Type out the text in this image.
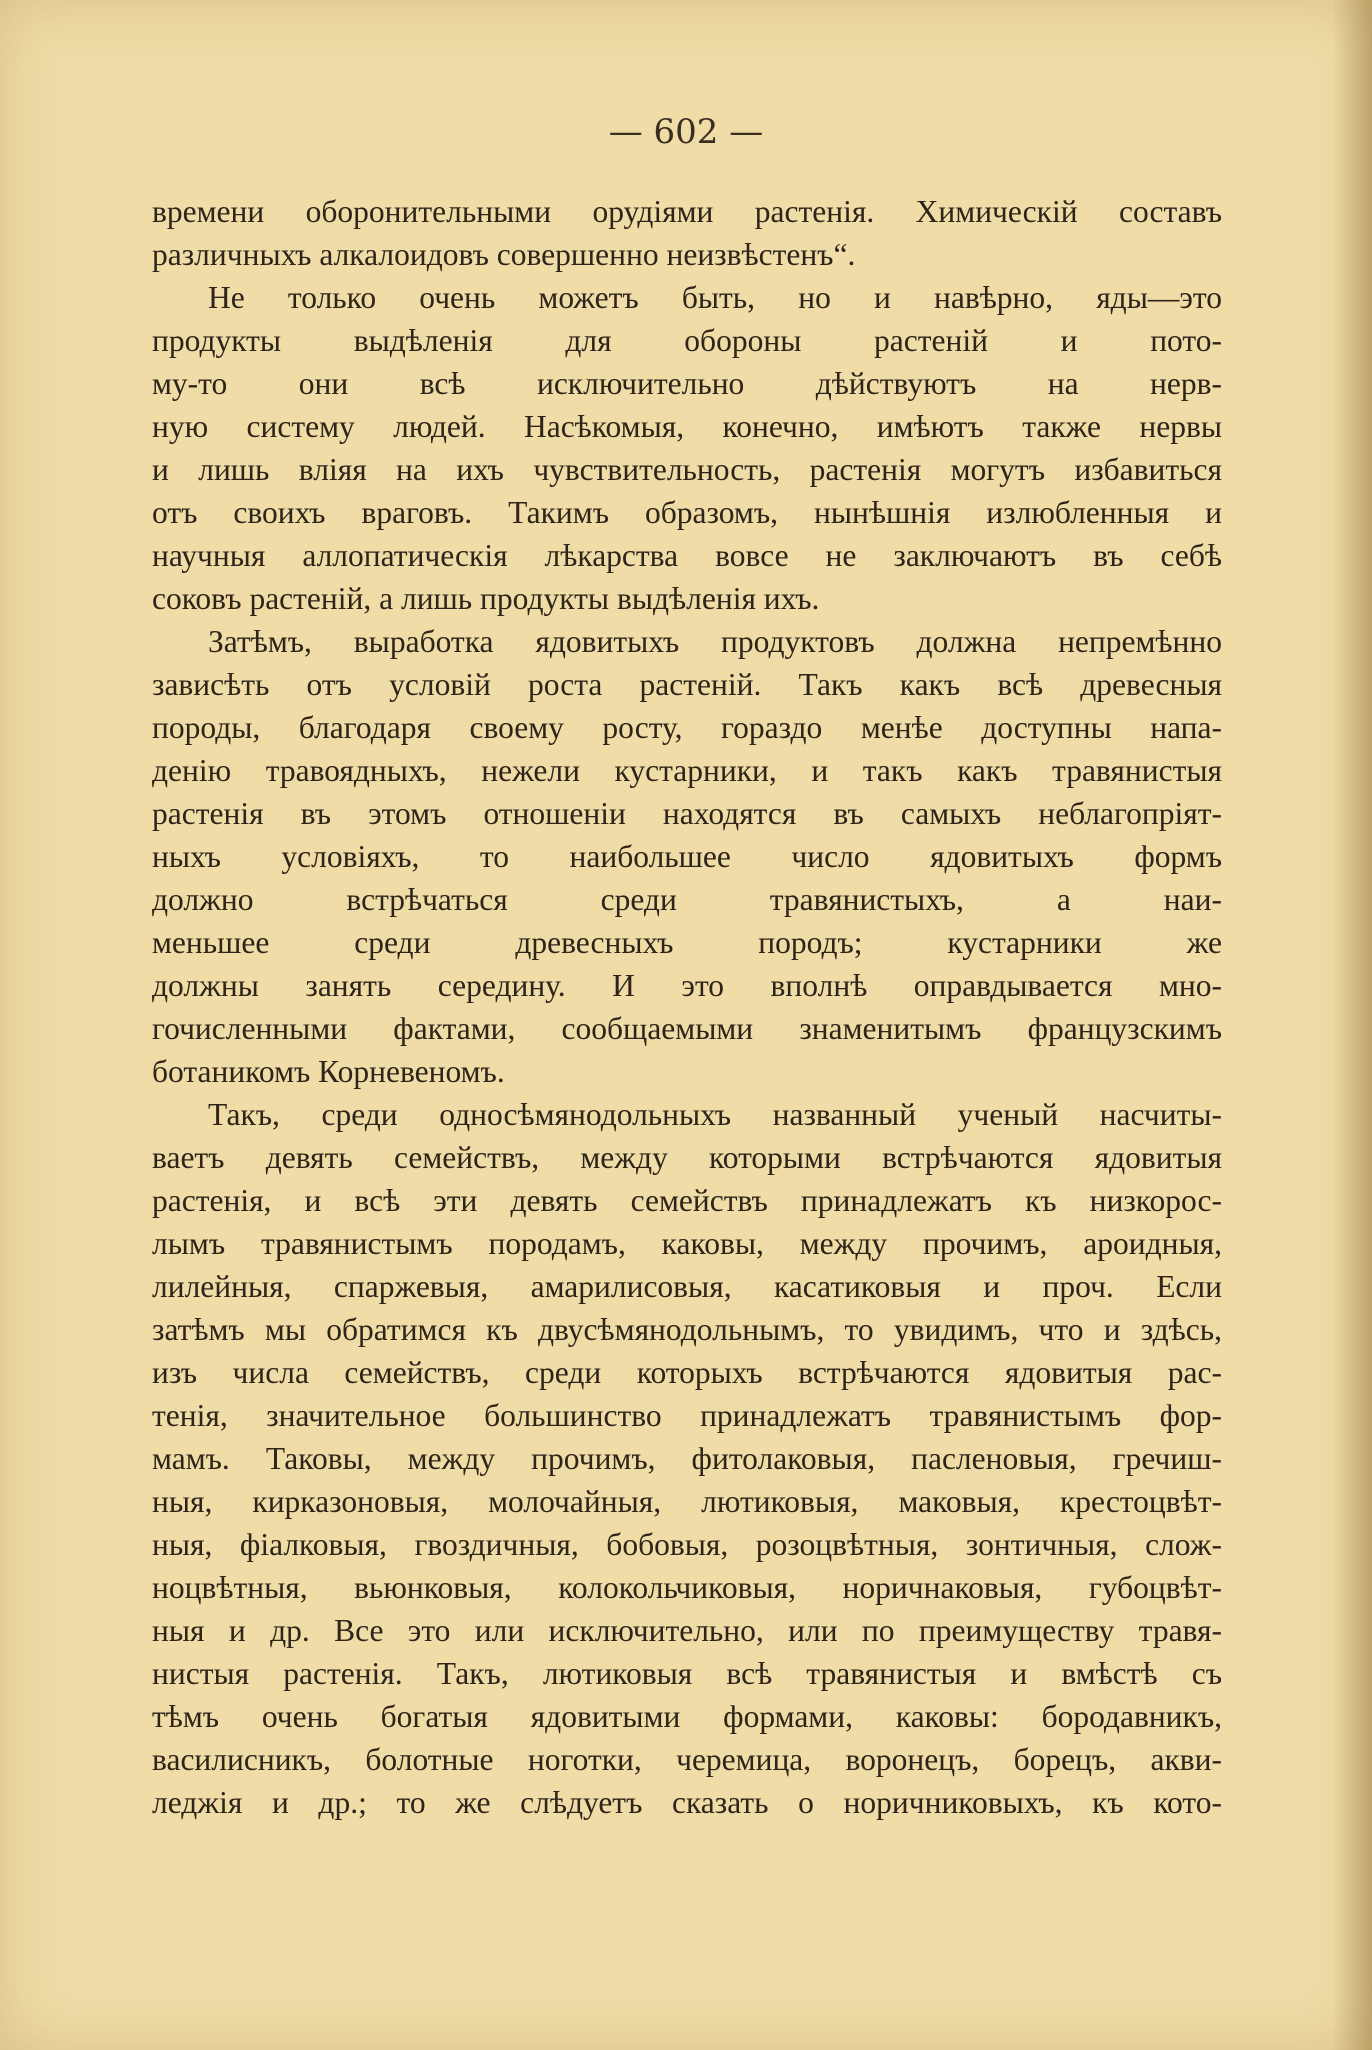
— 602 —
времени оборонительными орудіями растенія. Химическій составъ
различныхъ алкалоидовъ совершенно неизвѣстенъ“.
Не только очень можетъ быть, но и навѣрно, яды—это
продукты выдѣленія для обороны растеній и пото-
му-то они всѣ исключительно дѣйствуютъ на нерв-
ную систему людей. Насѣкомыя, конечно, имѣютъ также нервы
и лишь вліяя на ихъ чувствительность, растенія могутъ избавиться
отъ своихъ враговъ. Такимъ образомъ, нынѣшнія излюбленныя и
научныя аллопатическія лѣкарства вовсе не заключаютъ въ себѣ
соковъ растеній, а лишь продукты выдѣленія ихъ.
Затѣмъ, выработка ядовитыхъ продуктовъ должна непремѣнно
зависѣть отъ условій роста растеній. Такъ какъ всѣ древесныя
породы, благодаря своему росту, гораздо менѣе доступны напа-
денію травоядныхъ, нежели кустарники, и такъ какъ травянистыя
растенія въ этомъ отношеніи находятся въ самыхъ неблагопріят-
ныхъ условіяхъ, то наибольшее число ядовитыхъ формъ
должно встрѣчаться среди травянистыхъ, а наи-
меньшее среди древесныхъ породъ; кустарники же
должны занять середину. И это вполнѣ оправдывается мно-
гочисленными фактами, сообщаемыми знаменитымъ французскимъ
ботаникомъ Корневеномъ.
Такъ, среди односѣмянодольныхъ названный ученый насчиты-
ваетъ девять семействъ, между которыми встрѣчаются ядовитыя
растенія, и всѣ эти девять семействъ принадлежатъ къ низкорос-
лымъ травянистымъ породамъ, каковы, между прочимъ, ароидныя,
лилейныя, спаржевыя, амарилисовыя, касатиковыя и проч. Если
затѣмъ мы обратимся къ двусѣмянодольнымъ, то увидимъ, что и здѣсь,
изъ числа семействъ, среди которыхъ встрѣчаются ядовитыя рас-
тенія, значительное большинство принадлежатъ травянистымъ фор-
мамъ. Таковы, между прочимъ, фитолаковыя, пасленовыя, гречиш-
ныя, кирказоновыя, молочайныя, лютиковыя, маковыя, крестоцвѣт-
ныя, фіалковыя, гвоздичныя, бобовыя, розоцвѣтныя, зонтичныя, слож-
ноцвѣтныя, вьюнковыя, колокольчиковыя, норичнаковыя, губоцвѣт-
ныя и др. Все это или исключительно, или по преимуществу травя-
нистыя растенія. Такъ, лютиковыя всѣ травянистыя и вмѣстѣ съ
тѣмъ очень богатыя ядовитыми формами, каковы: бородавникъ,
василисникъ, болотные ноготки, черемица, воронецъ, борецъ, акви-
леджія и др.; то же слѣдуетъ сказать о норичниковыхъ, къ кото-
